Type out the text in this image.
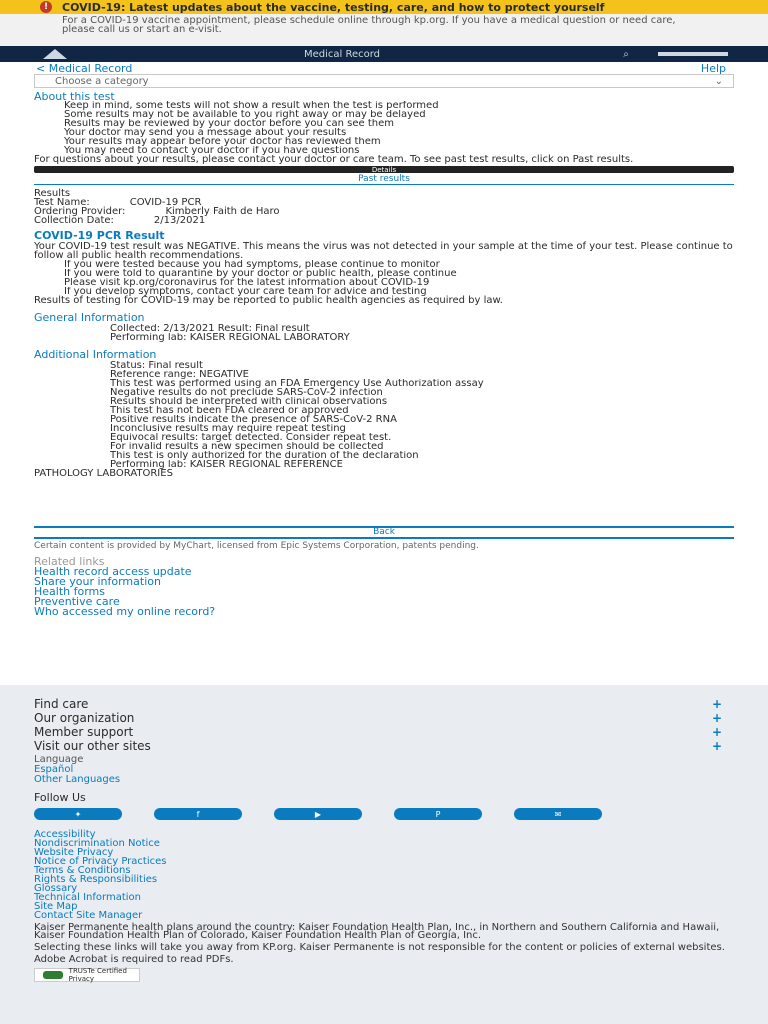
!	COVID-19: Latest updates about the vaccine, testing, care, and how to protect yourself
For a COVID-19 vaccine appointment, please schedule online through kp.org. If you have a medical question or need care, please call us or start an e-visit.
Medical Record	⌕
< Medical Record	Help
Choose a category	⌄
About this test
• Keep in mind, some tests will not show a result when the test is performed
• Some results may not be available to you right away or may be delayed
• Results may be reviewed by your doctor before you can see them
• Your doctor may send you a message about your results
• Your results may appear before your doctor has reviewed them
• You may need to contact your doctor if you have questions
For questions about your results, please contact your doctor or care team. To see past test results, click on Past results.
Details
Past results
Results
Test Name:	COVID-19 PCR
Ordering Provider:	Kimberly Faith de Haro
Collection Date:	2/13/2021
COVID-19 PCR Result
Your COVID-19 test result was NEGATIVE. This means the virus was not detected in your sample at the time of your test. Please continue to follow all public health recommendations.
• If you were tested because you had symptoms, please continue to monitor
• If you were told to quarantine by your doctor or public health, please continue
• Please visit kp.org/coronavirus for the latest information about COVID-19
• If you develop symptoms, contact your care team for advice and testing
Results of testing for COVID-19 may be reported to public health agencies as required by law.
General Information
Collected: 2/13/2021 Result: Final result
Performing lab: KAISER REGIONAL LABORATORY
Additional Information
Status: Final result
Reference range: NEGATIVE
This test was performed using an FDA Emergency Use Authorization assay
Negative results do not preclude SARS-CoV-2 infection
Results should be interpreted with clinical observations
This test has not been FDA cleared or approved
Positive results indicate the presence of SARS-CoV-2 RNA
Inconclusive results may require repeat testing
Equivocal results: target detected. Consider repeat test.
For invalid results a new specimen should be collected
This test is only authorized for the duration of the declaration
Performing lab: KAISER REGIONAL REFERENCE
PATHOLOGY LABORATORIES
Back
Certain content is provided by MyChart, licensed from Epic Systems Corporation, patents pending.
Related links
Health record access update
Share your information
Health forms
Preventive care
Who accessed my online record?
Find care	+
Our organization	+
Member support	+
Visit our other sites	+
Language
Español
Other Languages
Follow Us
✦	f	▶	P	✉
Accessibility
Nondiscrimination Notice
Website Privacy
Notice of Privacy Practices
Terms & Conditions
Rights & Responsibilities
Glossary
Technical Information
Site Map
Contact Site Manager
Kaiser Permanente health plans around the country: Kaiser Foundation Health Plan, Inc., in Northern and Southern California and Hawaii, Kaiser Foundation Health Plan of Colorado, Kaiser Foundation Health Plan of Georgia, Inc.
Selecting these links will take you away from KP.org. Kaiser Permanente is not responsible for the content or policies of external websites.
Adobe Acrobat is required to read PDFs.
TRUSTe Certified Privacy
